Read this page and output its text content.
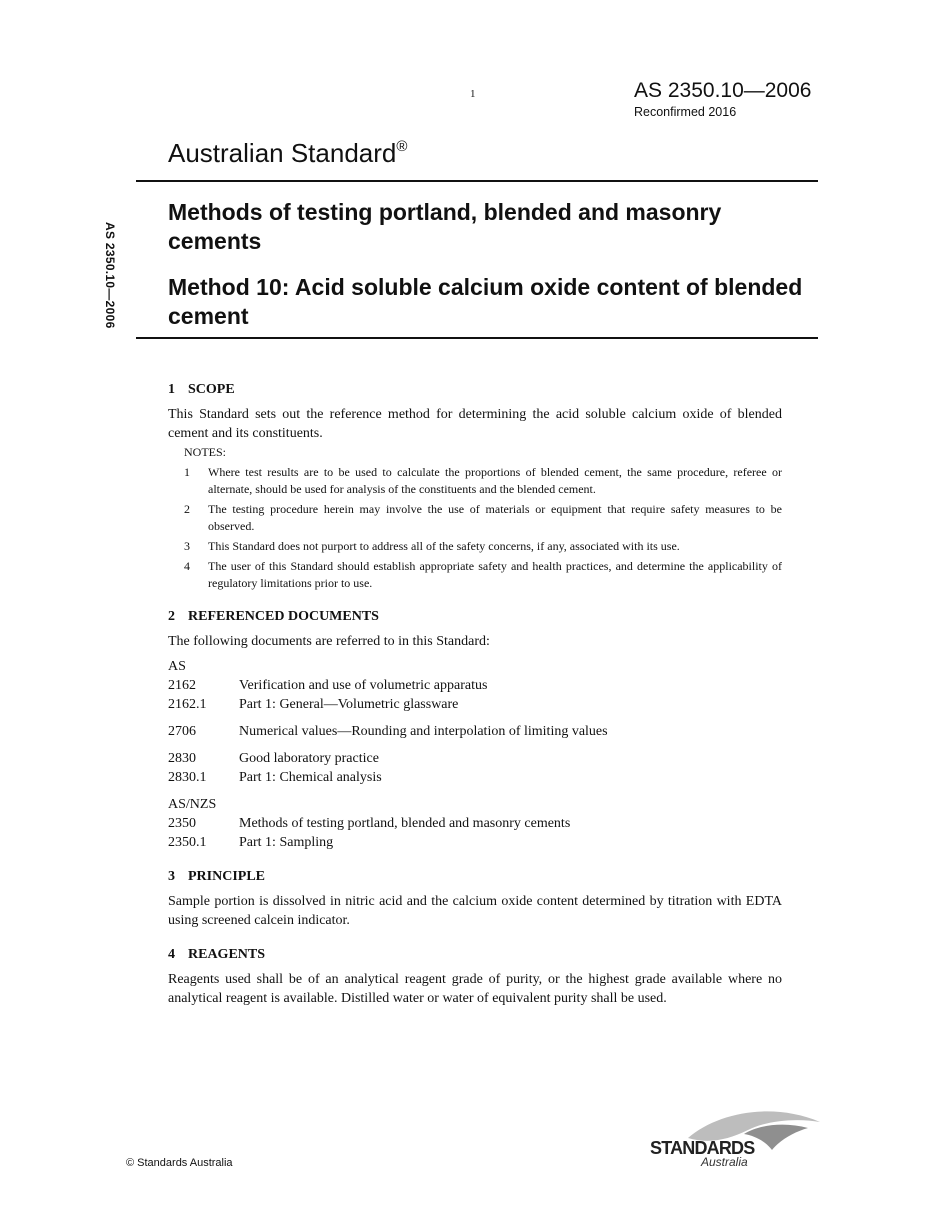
1	AS 2350.10—2006
Reconfirmed 2016
Australian Standard®
AS 2350.10—2006
Methods of testing portland, blended and masonry cements
Method 10: Acid soluble calcium oxide content of blended cement
1 SCOPE

This Standard sets out the reference method for determining the acid soluble calcium oxide of blended cement and its constituents.

NOTES:

1	Where test results are to be used to calculate the proportions of blended cement, the same procedure, referee or alternate, should be used for analysis of the constituents and the blended cement.
2	The testing procedure herein may involve the use of materials or equipment that require safety measures to be observed.
3	This Standard does not purport to address all of the safety concerns, if any, associated with its use.
4	The user of this Standard should establish appropriate safety and health practices, and determine the applicability of regulatory limitations prior to use.
2 REFERENCED DOCUMENTS

The following documents are referred to in this Standard:

AS

2162	Verification and use of volumetric apparatus
2162.1	Part 1: General—Volumetric glassware
2706	Numerical values—Rounding and interpolation of limiting values
2830	Good laboratory practice
2830.1	Part 1: Chemical analysis

AS/NZS

2350	Methods of testing portland, blended and masonry cements
2350.1	Part 1: Sampling
3 PRINCIPLE

Sample portion is dissolved in nitric acid and the calcium oxide content determined by titration with EDTA using screened calcein indicator.

4 REAGENTS

Reagents used shall be of an analytical reagent grade of purity, or the highest grade available where no analytical reagent is available. Distilled water or water of equivalent purity shall be used.

© Standards Australia
STANDARDS
Australia
